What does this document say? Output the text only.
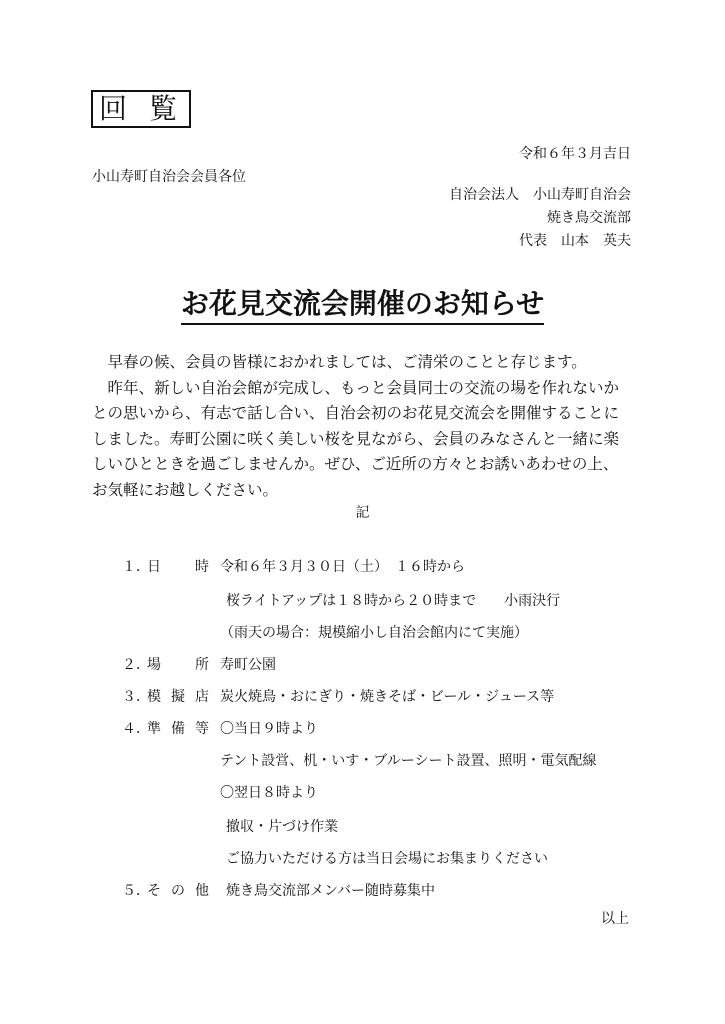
回覧
令和６年３月吉日
小山寿町自治会会員各位
自治会法人　小山寿町自治会
焼き鳥交流部
代表　山本　英夫
お花見交流会開催のお知らせ

　早春の候、会員の皆様におかれましては、ご清栄のことと存じます。

　昨年、新しい自治会館が完成し、もっと会員同士の交流の場を作れないか

との思いから、有志で話し合い、自治会初のお花見交流会を開催することに

しました。寿町公園に咲く美しい桜を見ながら、会員のみなさんと一緒に楽

しいひとときを過ごしませんか。ぜひ、ご近所の方々とお誘いあわせの上、

お気軽にお越しください。

記
１．
日　時 令和６年３月３０日（土）　１６時から
桜ライトアップは１８時から２０時まで　　小雨決行
（雨天の場合：規模縮小し自治会館内にて実施）
２．
場　所 寿町公園
３．
模擬店 炭火焼鳥・おにぎり・焼きそば・ビール・ジュース等
４．
準備等 〇当日９時より
テント設営、机・いす・ブルーシート設置、照明・電気配線
〇翌日８時より
撤収・片づけ作業
ご協力いただける方は当日会場にお集まりください
５．
その他 焼き鳥交流部メンバー随時募集中
以上
